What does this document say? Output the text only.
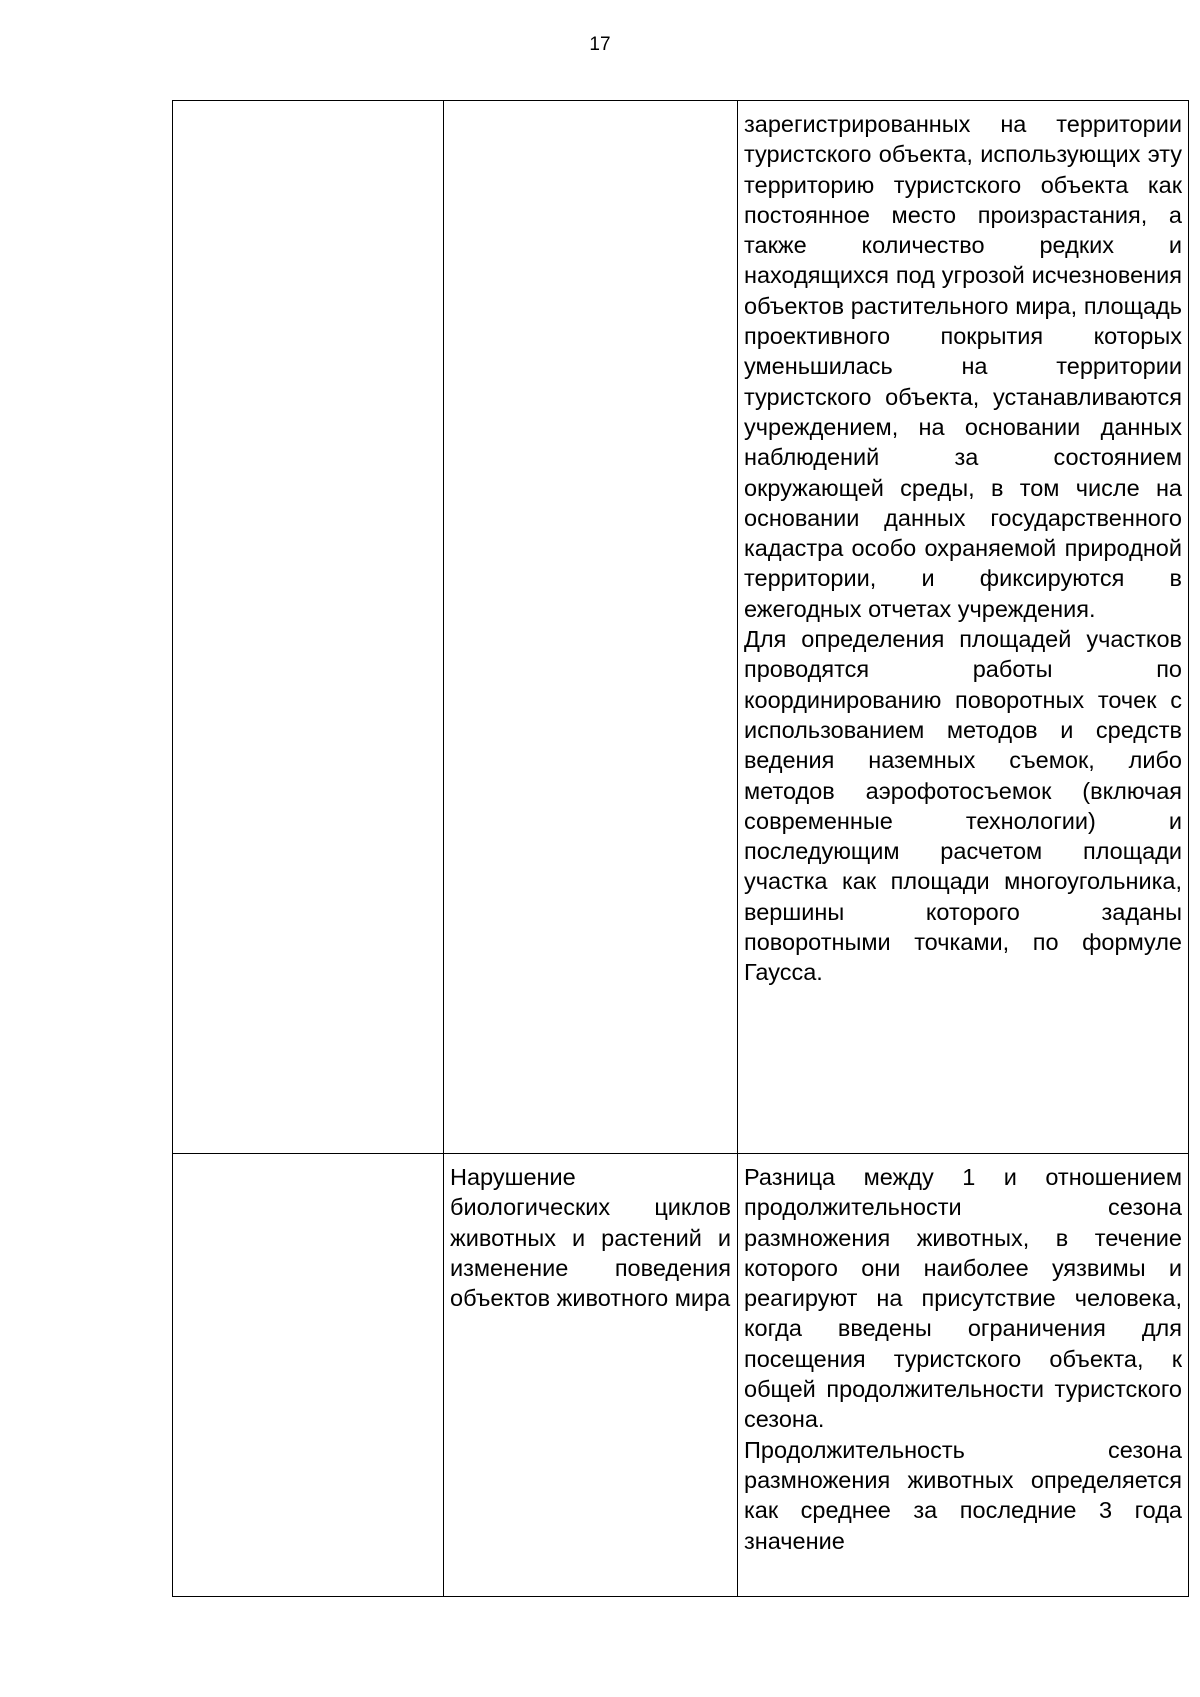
17

		зарегистрированных на территории туристского объекта, использующих эту территорию туристского объекта как постоянное место произрастания, а также количество редких и находящихся под угрозой исчезновения объектов растительного мира, площадь проективного покрытия которых уменьшилась на территории туристского объекта, устанавливаются учреждением, на основании данных наблюдений за состоянием окружающей среды, в том числе на основании данных государственного кадастра особо охраняемой природной территории, и фиксируются в ежегодных отчетах учреждения.
Для определения площадей участков проводятся работы по координированию поворотных точек с использованием методов и средств ведения наземных съемок, либо методов аэрофотосъемок (включая современные технологии) и последующим расчетом площади участка как площади многоугольника, вершины которого заданы поворотными точками, по формуле Гаусса.

	Нарушение биологических циклов животных и растений и изменение поведения объектов животного мира	Разница между 1 и отношением продолжительности сезона размножения животных, в течение которого они наиболее уязвимы и реагируют на присутствие человека, когда введены ограничения для посещения туристского объекта, к общей продолжительности туристского сезона.
Продолжительность сезона размножения животных определяется как среднее за последние 3 года значение
